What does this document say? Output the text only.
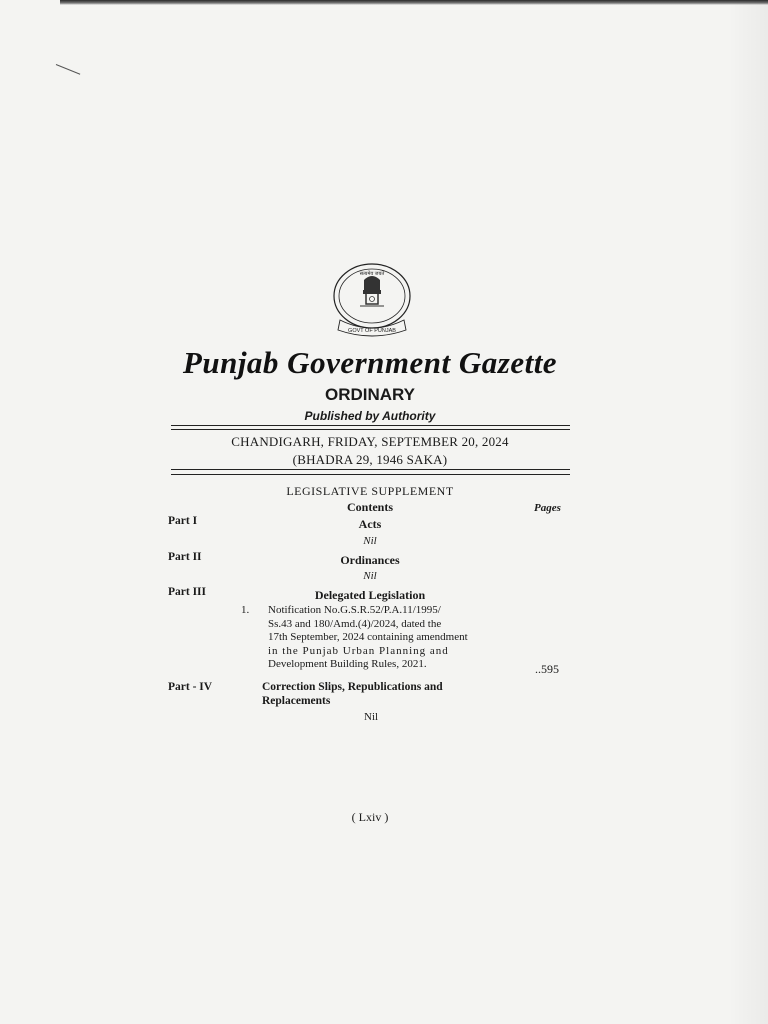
GOVT OF PUNJAB
सत्यमेव जयते
Punjab Government Gazette
ORDINARY
Published by Authority
CHANDIGARH, FRIDAY, SEPTEMBER 20, 2024
(BHADRA 29, 1946 SAKA)
LEGISLATIVE SUPPLEMENT
Contents	Pages
Part I	Acts
Nil
Part II	Ordinances
Nil
Part III	Delegated Legislation
1. Notification No.G.S.R.52/P.A.11/1995/
Ss.43 and 180/Amd.(4)/2024, dated the
17th September, 2024 containing amendment
in the Punjab Urban Planning and
Development Building Rules, 2021.	..595
Part - IV	Correction Slips, Republications and
Replacements
Nil
( Lxiv )
